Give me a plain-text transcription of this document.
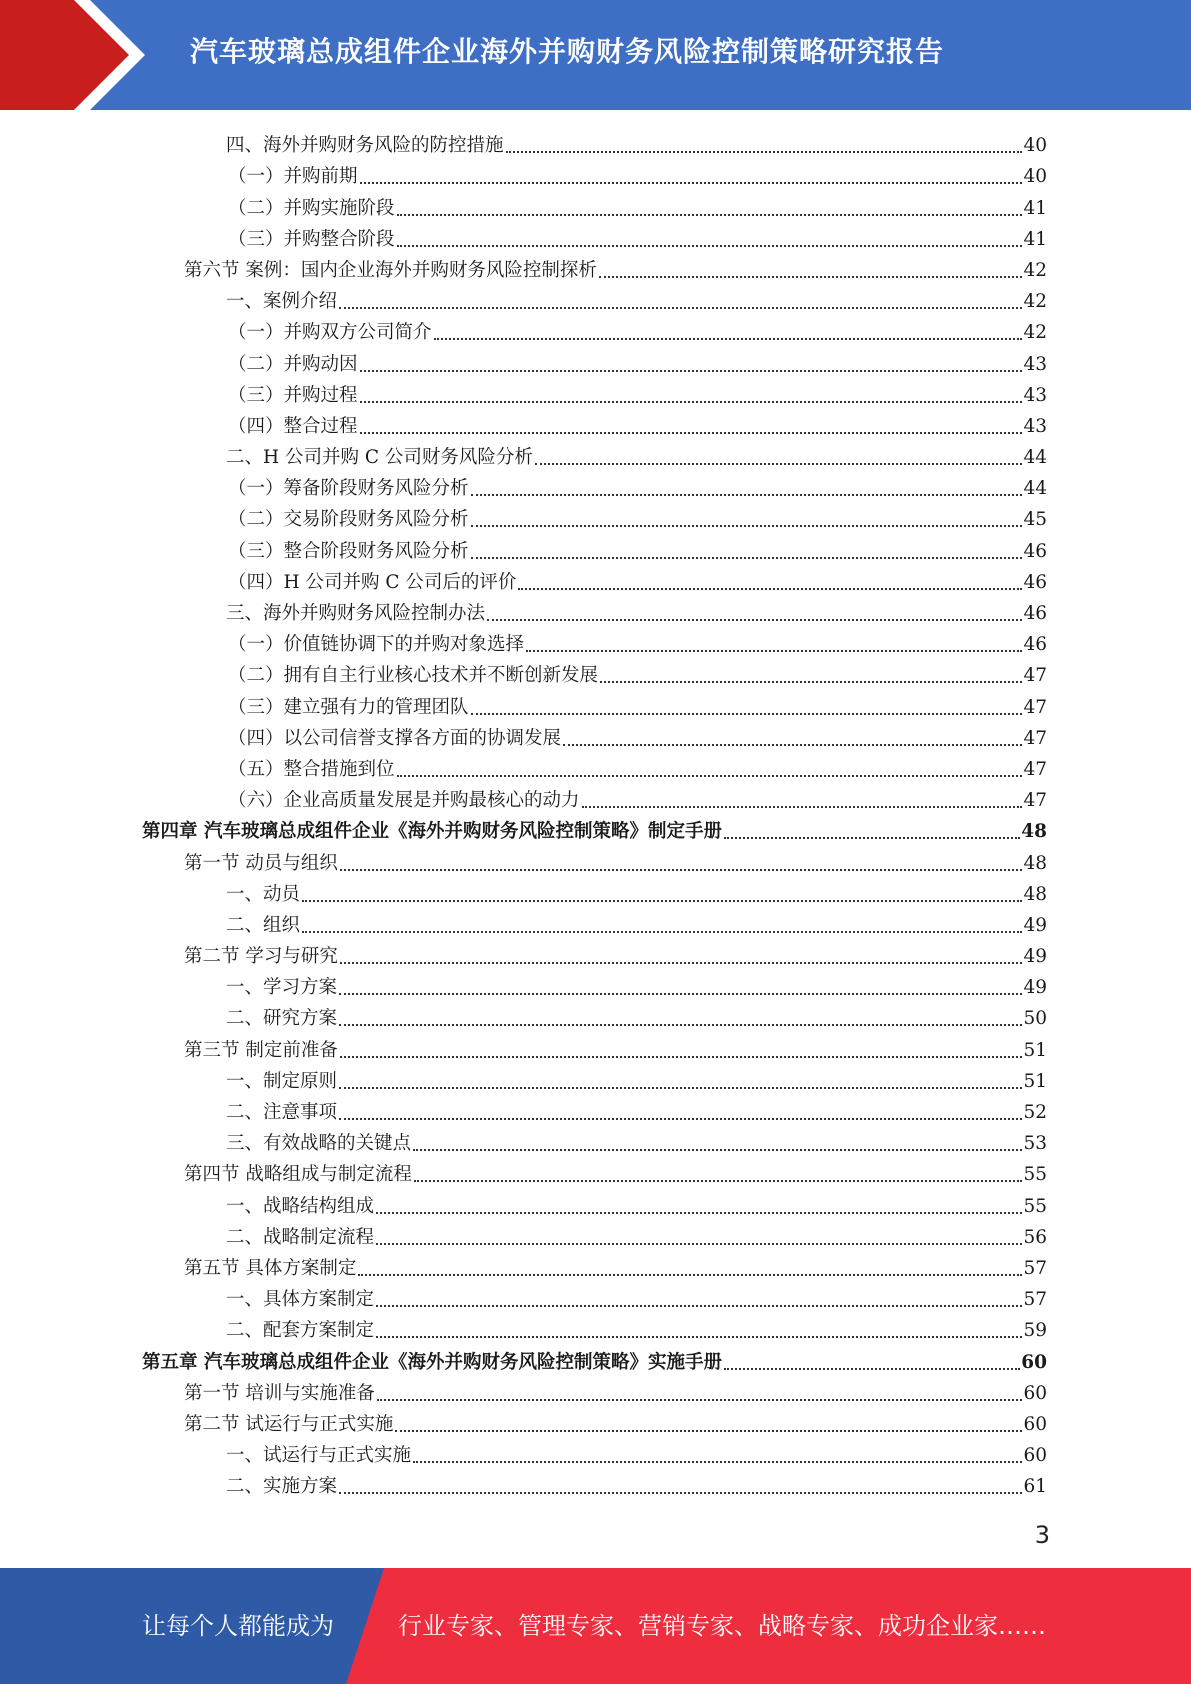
汽车玻璃总成组件企业海外并购财务风险控制策略研究报告
四、海外并购财务风险的防控措施	40
（一）并购前期	40
（二）并购实施阶段	41
（三）并购整合阶段	41
第六节 案例：国内企业海外并购财务风险控制探析	42
一、案例介绍	42
（一）并购双方公司简介	42
（二）并购动因	43
（三）并购过程	43
（四）整合过程	43
二、H 公司并购 C 公司财务风险分析	44
（一）筹备阶段财务风险分析	44
（二）交易阶段财务风险分析	45
（三）整合阶段财务风险分析	46
（四）H 公司并购 C 公司后的评价	46
三、海外并购财务风险控制办法	46
（一）价值链协调下的并购对象选择	46
（二）拥有自主行业核心技术并不断创新发展	47
（三）建立强有力的管理团队	47
（四）以公司信誉支撑各方面的协调发展	47
（五）整合措施到位	47
（六）企业高质量发展是并购最核心的动力	47
第四章 汽车玻璃总成组件企业《海外并购财务风险控制策略》制定手册	48
第一节 动员与组织	48
一、动员	48
二、组织	49
第二节 学习与研究	49
一、学习方案	49
二、研究方案	50
第三节 制定前准备	51
一、制定原则	51
二、注意事项	52
三、有效战略的关键点	53
第四节 战略组成与制定流程	55
一、战略结构组成	55
二、战略制定流程	56
第五节 具体方案制定	57
一、具体方案制定	57
二、配套方案制定	59
第五章 汽车玻璃总成组件企业《海外并购财务风险控制策略》实施手册	60
第一节 培训与实施准备	60
第二节 试运行与正式实施	60
一、试运行与正式实施	60
二、实施方案	61
3
让每个人都能成为	行业专家、管理专家、营销专家、战略专家、成功企业家……
